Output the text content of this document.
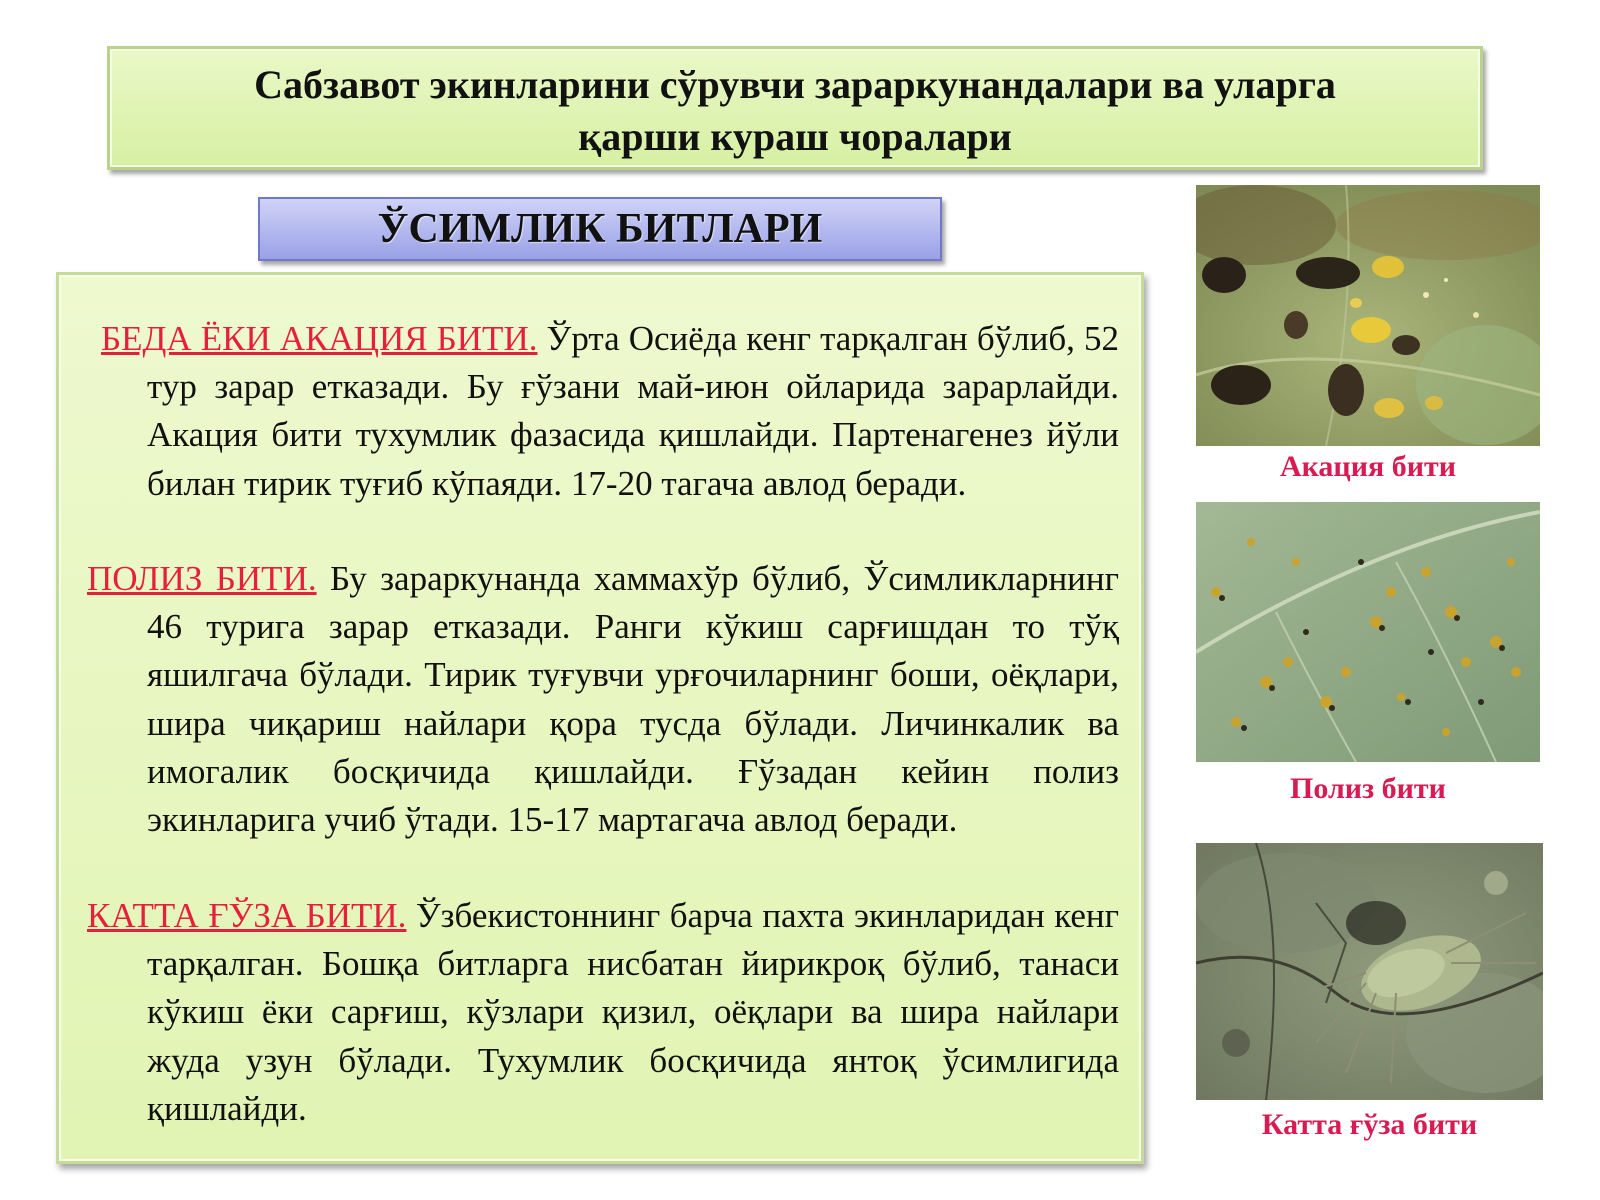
Сабзавот экинларини сўрувчи зараркунандалари ва уларга
қарши кураш чоралари
ЎСИМЛИК БИТЛАРИ
БЕДА ЁКИ АКАЦИЯ БИТИ. Ўрта Осиёда кенг тарқалган бўлиб, 52 тур зарар етказади. Бу ғўзани май-июн ойларида зарарлайди. Акация бити тухумлик фазасида қишлайди. Партенагенез йўли билан тирик туғиб кўпаяди. 17-20 тагача авлод беради.
ПОЛИЗ БИТИ. Бу зараркунанда хаммахўр бўлиб, Ўсимликларнинг 46 турига зарар етказади. Ранги кўкиш сарғишдан то тўқ яшилгача бўлади. Тирик туғувчи урғочиларнинг боши, оёқлари, шира чиқариш найлари қора тусда бўлади. Личинкалик ва имогалик босқичида қишлайди. Ғўзадан кейин полиз экинларига учиб ўтади. 15-17 мартагача авлод беради.
КАТТА ҒЎЗА БИТИ. Ўзбекистоннинг барча пахта экинларидан кенг тарқалган. Бошқа битларга нисбатан йирикроқ бўлиб, танаси кўкиш ёки сарғиш, кўзлари қизил, оёқлари ва шира найлари жуда узун бўлади. Тухумлик босқичида янтоқ ўсимлигида қишлайди.
Акация бити
Полиз бити
Катта ғўза бити
